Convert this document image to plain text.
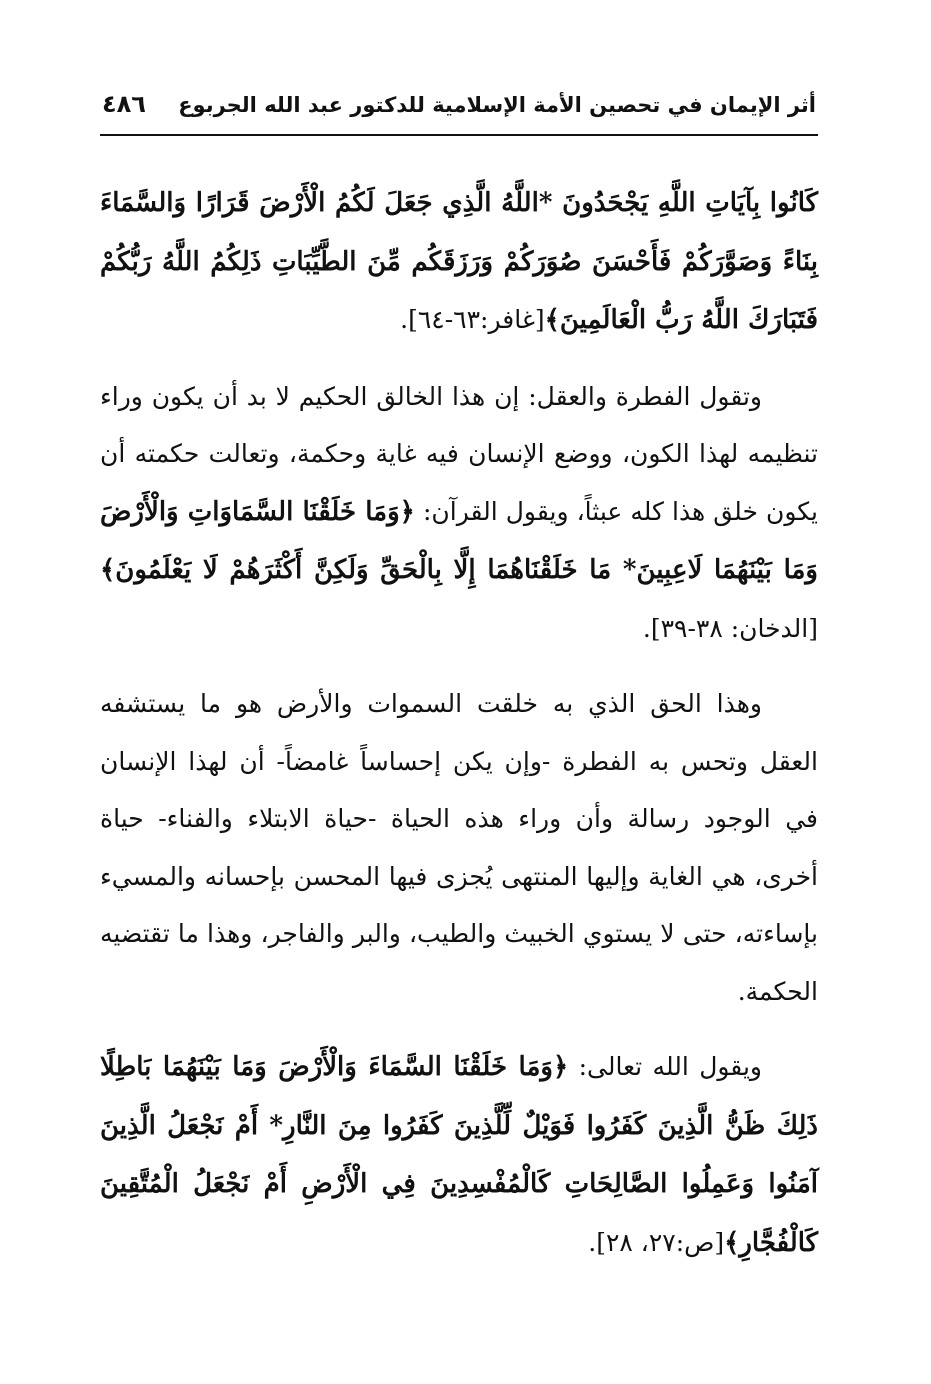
أثر الإيمان في تحصين الأمة الإسلامية للدكتور عبد الله الجربوع
٤٨٦

كَانُوا بِآيَاتِ اللَّهِ يَجْحَدُونَ *اللَّهُ الَّذِي جَعَلَ لَكُمُ الْأَرْضَ قَرَارًا وَالسَّمَاءَ بِنَاءً وَصَوَّرَكُمْ فَأَحْسَنَ صُوَرَكُمْ وَرَزَقَكُم مِّنَ الطَّيِّبَاتِ ذَلِكُمُ اللَّهُ رَبُّكُمْ فَتَبَارَكَ اللَّهُ رَبُّ الْعَالَمِينَ﴾[غافر:٦٣-٦٤].

وتقول الفطرة والعقل: إن هذا الخالق الحكيم لا بد أن يكون وراء تنظيمه لهذا الكون، ووضع الإنسان فيه غاية وحكمة، وتعالت حكمته أن يكون خلق هذا كله عبثاً، ويقول القرآن: ﴿وَمَا خَلَقْنَا السَّمَاوَاتِ وَالْأَرْضَ وَمَا بَيْنَهُمَا لَاعِبِينَ* مَا خَلَقْنَاهُمَا إِلَّا بِالْحَقِّ وَلَكِنَّ أَكْثَرَهُمْ لَا يَعْلَمُونَ﴾[الدخان: ٣٨-٣٩].

وهذا الحق الذي به خلقت السموات والأرض هو ما يستشفه العقل وتحس به الفطرة -وإن يكن إحساساً غامضاً- أن لهذا الإنسان في الوجود رسالة وأن وراء هذه الحياة -حياة الابتلاء والفناء- حياة أخرى، هي الغاية وإليها المنتهى يُجزى فيها المحسن بإحسانه والمسيء بإساءته، حتى لا يستوي الخبيث والطيب، والبر والفاجر، وهذا ما تقتضيه الحكمة.

ويقول الله تعالى: ﴿وَمَا خَلَقْنَا السَّمَاءَ وَالْأَرْضَ وَمَا بَيْنَهُمَا بَاطِلًا ذَلِكَ ظَنُّ الَّذِينَ كَفَرُوا فَوَيْلٌ لِّلَّذِينَ كَفَرُوا مِنَ النَّارِ* أَمْ نَجْعَلُ الَّذِينَ آمَنُوا وَعَمِلُوا الصَّالِحَاتِ كَالْمُفْسِدِينَ فِي الْأَرْضِ أَمْ نَجْعَلُ الْمُتَّقِينَ كَالْفُجَّارِ﴾[ص:٢٧، ٢٨].
